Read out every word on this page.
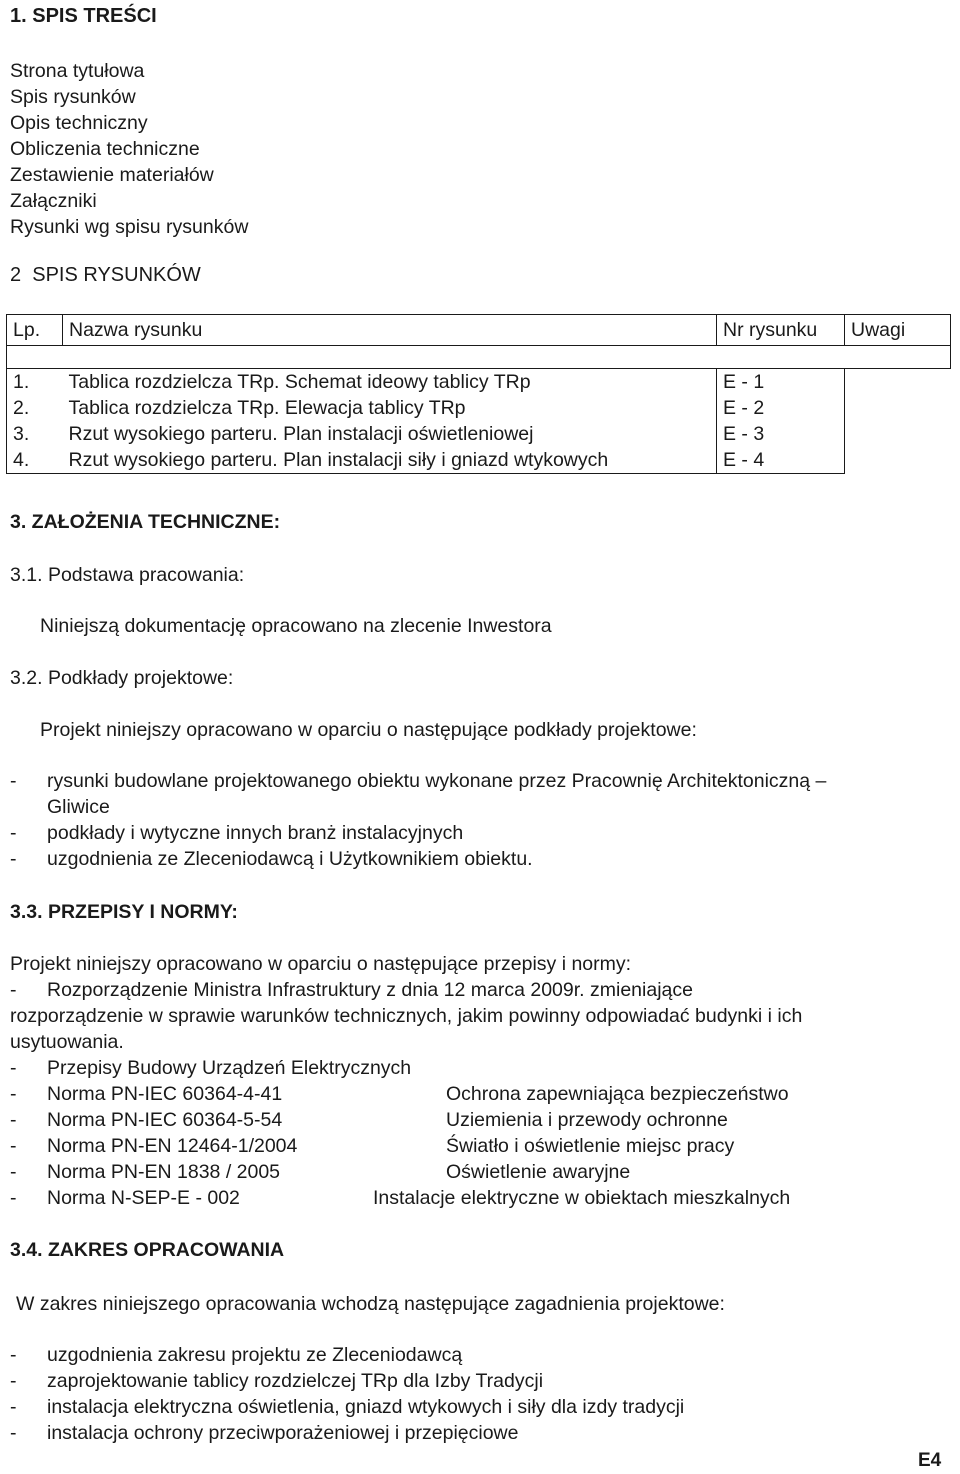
1. SPIS TREŚCI
Strona tytułowa
Spis rysunków
Opis techniczny
Obliczenia techniczne
Zestawienie materiałów
Załączniki
Rysunki wg spisu rysunków
2  SPIS RYSUNKÓW
Lp.	Nazwa rysunku	Nr rysunku	Uwagi

1.	Tablica rozdzielcza TRp. Schemat ideowy tablicy TRp	E - 1	
2.	Tablica rozdzielcza TRp. Elewacja tablicy TRp	E - 2	
3.	Rzut wysokiego parteru. Plan instalacji oświetleniowej	E - 3	
4.	Rzut wysokiego parteru. Plan instalacji siły i gniazd wtykowych	E - 4	
3. ZAŁOŻENIA TECHNICZNE:
3.1. Podstawa pracowania:
Niniejszą dokumentację opracowano na zlecenie Inwestora
3.2. Podkłady projektowe:
Projekt niniejszy opracowano w oparciu o następujące podkłady projektowe:
- rysunki budowlane projektowanego obiektu wykonane przez Pracownię Architektoniczną –
Gliwice
- podkłady i wytyczne innych branż instalacyjnych
- uzgodnienia ze Zleceniodawcą i Użytkownikiem obiektu.
3.3. PRZEPISY I NORMY:
Projekt niniejszy opracowano w oparciu o następujące przepisy i normy:
- Rozporządzenie Ministra Infrastruktury z dnia 12 marca 2009r. zmieniające
rozporządzenie w sprawie warunków technicznych, jakim powinny odpowiadać budynki i ich
usytuowania.
- Przepisy Budowy Urządzeń Elektrycznych
- Norma PN-IEC 60364-4-41	Ochrona zapewniająca bezpieczeństwo
- Norma PN-IEC 60364-5-54	Uziemienia i przewody ochronne
- Norma PN-EN 12464-1/2004	Światło i oświetlenie miejsc pracy
- Norma PN-EN 1838 / 2005	Oświetlenie awaryjne
- Norma N-SEP-E - 002	Instalacje elektryczne w obiektach mieszkalnych
3.4. ZAKRES OPRACOWANIA
W zakres niniejszego opracowania wchodzą następujące zagadnienia projektowe:
- uzgodnienia zakresu projektu ze Zleceniodawcą
- zaprojektowanie tablicy rozdzielczej TRp dla Izby Tradycji
- instalacja elektryczna oświetlenia, gniazd wtykowych i siły dla izdy tradycji
- instalacja ochrony przeciwporażeniowej i przepięciowe
E4
